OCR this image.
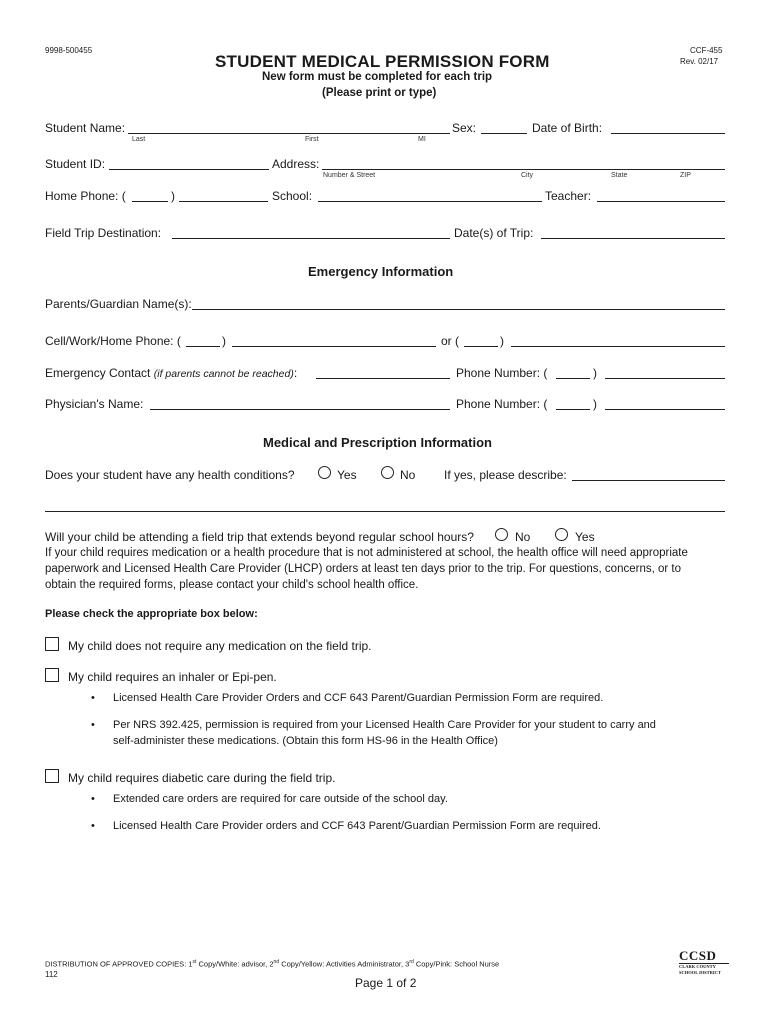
9998-500455
STUDENT MEDICAL PERMISSION FORM
New form must be completed for each trip
(Please print or type)
CCF-455
Rev. 02/17
Student Name:
Last	First	MI
Sex:	Date of Birth:
Student ID:	Address:
Number & Street	City	State	ZIP
Home Phone: (	)	School:	Teacher:
Field Trip Destination:	Date(s) of Trip:
Emergency Information
Parents/Guardian Name(s):
Cell/Work/Home Phone: (	)	or (	)
Emergency Contact (if parents cannot be reached):	Phone Number: (	)
Physician's Name:	Phone Number: (	)
Medical and Prescription Information
Does your student have any health conditions?	Yes	No If yes, please describe:
Will your child be attending a field trip that extends beyond regular school hours?	No	Yes
If your child requires medication or a health procedure that is not administered at school, the health office will need appropriate
paperwork and Licensed Health Care Provider (LHCP) orders at least ten days prior to the trip. For questions, concerns, or to
obtain the required forms, please contact your child's school health office.
Please check the appropriate box below:
My child does not require any medication on the field trip.
My child requires an inhaler or Epi-pen.
• Licensed Health Care Provider Orders and CCF 643 Parent/Guardian Permission Form are required.
• Per NRS 392.425, permission is required from your Licensed Health Care Provider for your student to carry and
self-administer these medications. (Obtain this form HS-96 in the Health Office)
My child requires diabetic care during the field trip.
• Extended care orders are required for care outside of the school day.
• Licensed Health Care Provider orders and CCF 643 Parent/Guardian Permission Form are required.
DISTRIBUTION OF APPROVED COPIES: 1st Copy/White: advisor, 2nd Copy/Yellow: Activities Administrator, 3rd Copy/Pink: School Nurse
112
Page 1 of 2
CCSD
CLARK COUNTY
SCHOOL DISTRICT
